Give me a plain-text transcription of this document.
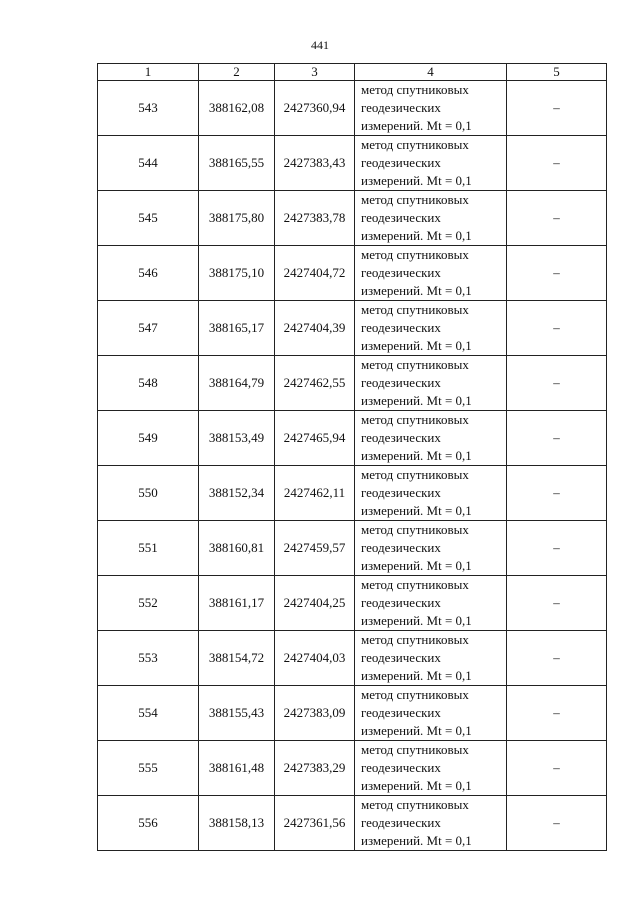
441
1	2	3	4	5
543	388162,08	2427360,94	метод спутниковых
геодезических
измерений. Mt = 0,1	–
544	388165,55	2427383,43	метод спутниковых
геодезических
измерений. Mt = 0,1	–
545	388175,80	2427383,78	метод спутниковых
геодезических
измерений. Mt = 0,1	–
546	388175,10	2427404,72	метод спутниковых
геодезических
измерений. Mt = 0,1	–
547	388165,17	2427404,39	метод спутниковых
геодезических
измерений. Mt = 0,1	–
548	388164,79	2427462,55	метод спутниковых
геодезических
измерений. Mt = 0,1	–
549	388153,49	2427465,94	метод спутниковых
геодезических
измерений. Mt = 0,1	–
550	388152,34	2427462,11	метод спутниковых
геодезических
измерений. Mt = 0,1	–
551	388160,81	2427459,57	метод спутниковых
геодезических
измерений. Mt = 0,1	–
552	388161,17	2427404,25	метод спутниковых
геодезических
измерений. Mt = 0,1	–
553	388154,72	2427404,03	метод спутниковых
геодезических
измерений. Mt = 0,1	–
554	388155,43	2427383,09	метод спутниковых
геодезических
измерений. Mt = 0,1	–
555	388161,48	2427383,29	метод спутниковых
геодезических
измерений. Mt = 0,1	–
556	388158,13	2427361,56	метод спутниковых
геодезических
измерений. Mt = 0,1	–
